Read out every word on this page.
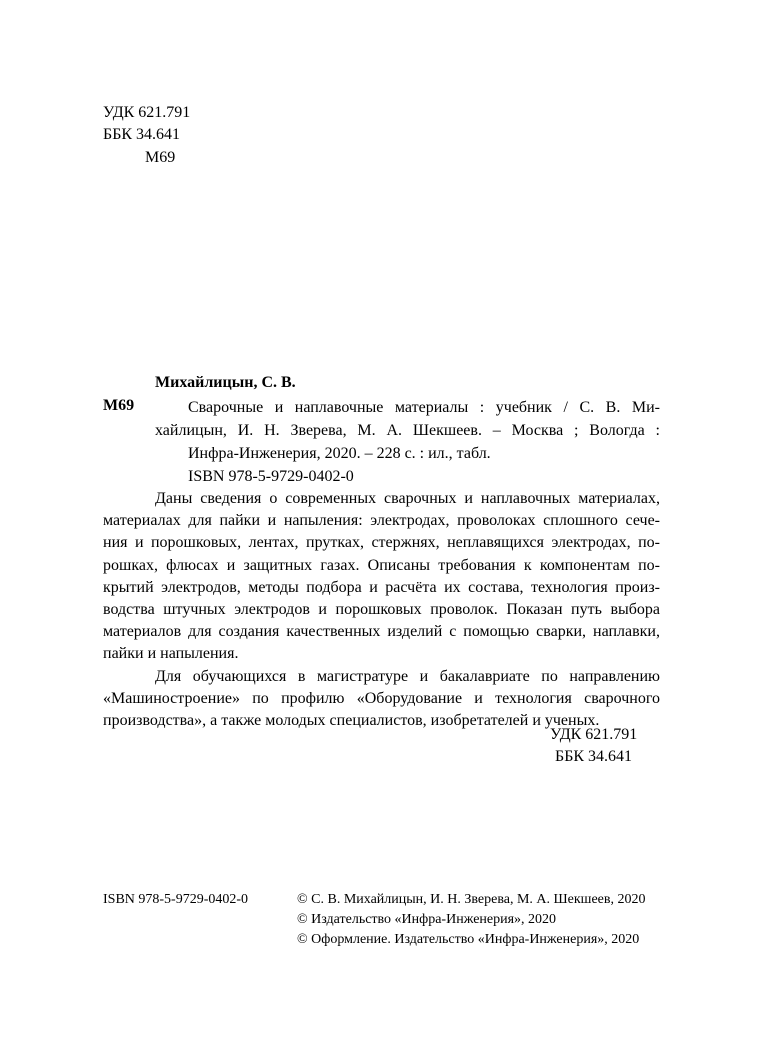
УДК 621.791
ББК 34.641
М69
Михайлицын, С. В.
М69	Сварочные и наплавочные материалы : учебник / С. В. Ми-
хайлицын, И. Н. Зверева, М. А. Шекшеев. – Москва ; Вологда :
Инфра-Инженерия, 2020. – 228 с. : ил., табл.
ISBN 978-5-9729-0402-0
Даны сведения о современных сварочных и наплавочных материалах,
материалах для пайки и напыления: электродах, проволоках сплошного сече-
ния и порошковых, лентах, прутках, стержнях, неплавящихся электродах, по-
рошках, флюсах и защитных газах. Описаны требования к компонентам по-
крытий электродов, методы подбора и расчёта их состава, технология произ-
водства штучных электродов и порошковых проволок. Показан путь выбора
материалов для создания качественных изделий с помощью сварки, наплавки,
пайки и напыления.
Для обучающихся в магистратуре и бакалавриате по направлению
«Машиностроение» по профилю «Оборудование и технология сварочного
производства», а также молодых специалистов, изобретателей и ученых.
УДК 621.791
ББК 34.641
ISBN 978-5-9729-0402-0	© С. В. Михайлицын, И. Н. Зверева, М. А. Шекшеев, 2020
© Издательство «Инфра-Инженерия», 2020
© Оформление. Издательство «Инфра-Инженерия», 2020
